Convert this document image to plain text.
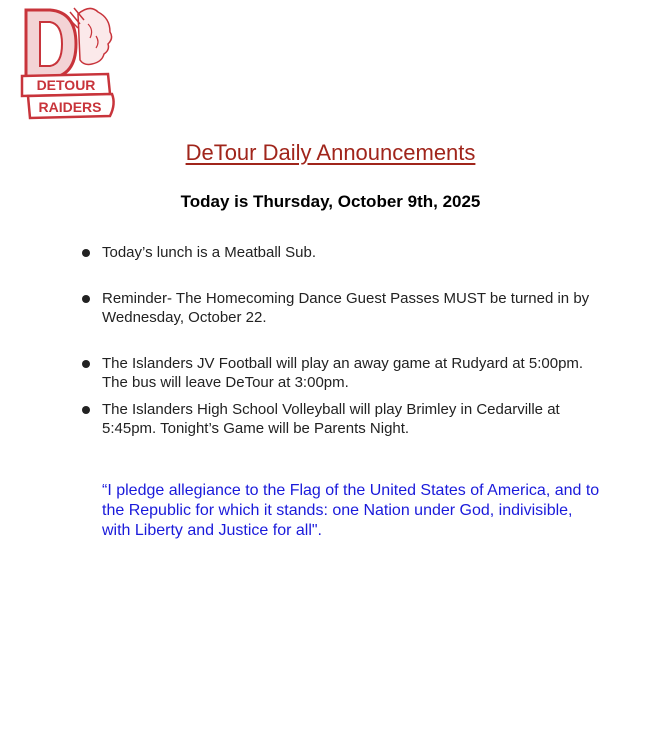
DETOUR
RAIDERS
DeTour Daily Announcements
Today is Thursday, October 9th, 2025
Today’s lunch is a Meatball Sub.
Reminder- The Homecoming Dance Guest Passes MUST be turned in by Wednesday, October 22.
The Islanders JV Football will play an away game at Rudyard at 5:00pm. The bus will leave DeTour at 3:00pm.
The Islanders High School Volleyball will play Brimley in Cedarville at 5:45pm. Tonight’s Game will be Parents Night.
“I pledge allegiance to the Flag of the United States of America, and to the Republic for which it stands: one Nation under God, indivisible, with Liberty and Justice for all".
